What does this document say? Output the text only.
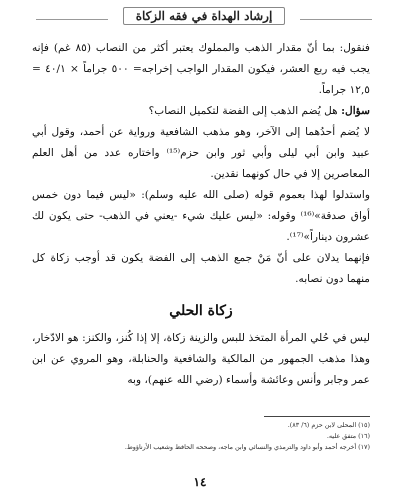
إرشاد الهداة في فقه الزكاة

فنقول: بما أنّ مقدار الذهب والمملوك يعتبر أكثر من النصاب (٨٥ غم) فإنه يجب فيه ربع العشر، فيكون المقدار الواجب إخراجه= ٥٠٠ جراماً × ٤٠/١ = ١٢,٥ جراماً.

سؤال: هل يُضم الذهب إلى الفضة لتكميل النصاب؟

لا يُضم أحدُهما إلى الآخر، وهو مذهب الشافعية ورواية عن أحمد، وقول أبي عبيد وابن أبي ليلى وأبي ثور وابن حزم⁽¹⁵⁾ واختاره عدد من أهل العلم المعاصرين إلا في حال كونهما نقدين.

واستدلوا لهذا بعموم قوله (صلى الله عليه وسلم): «ليس فيما دون خمس أواق صدقة»⁽¹⁶⁾ وقوله: «ليس عليك شيء -يعني في الذهب- حتى يكون لك عشرون ديناراً»⁽¹⁷⁾.

فإنهما يدلان على أنّ مَنْ جمع الذهب إلى الفضة يكون قد أوجب زكاة كل منهما دون نصابه.

زكاة الحلي

ليس في حُلي المرأة المتخذ للبس والزينة زكاة، إلا إذا كُنز، والكنز: هو الادّخار، وهذا مذهب الجمهور من المالكية والشافعية والحنابلة، وهو المروي عن ابن عمر وجابر وأنس وعائشة وأسماء (رضي الله عنهم)، وبه

(١٥) المحلى لابن حزم (٦/ ٨٣).
(١٦) متفق عليه.
(١٧) أخرجه أحمد وأبو داود والترمذي والنسائي وابن ماجه، وصححه الحافظ وشعيب الأرناؤوط.
١٤
